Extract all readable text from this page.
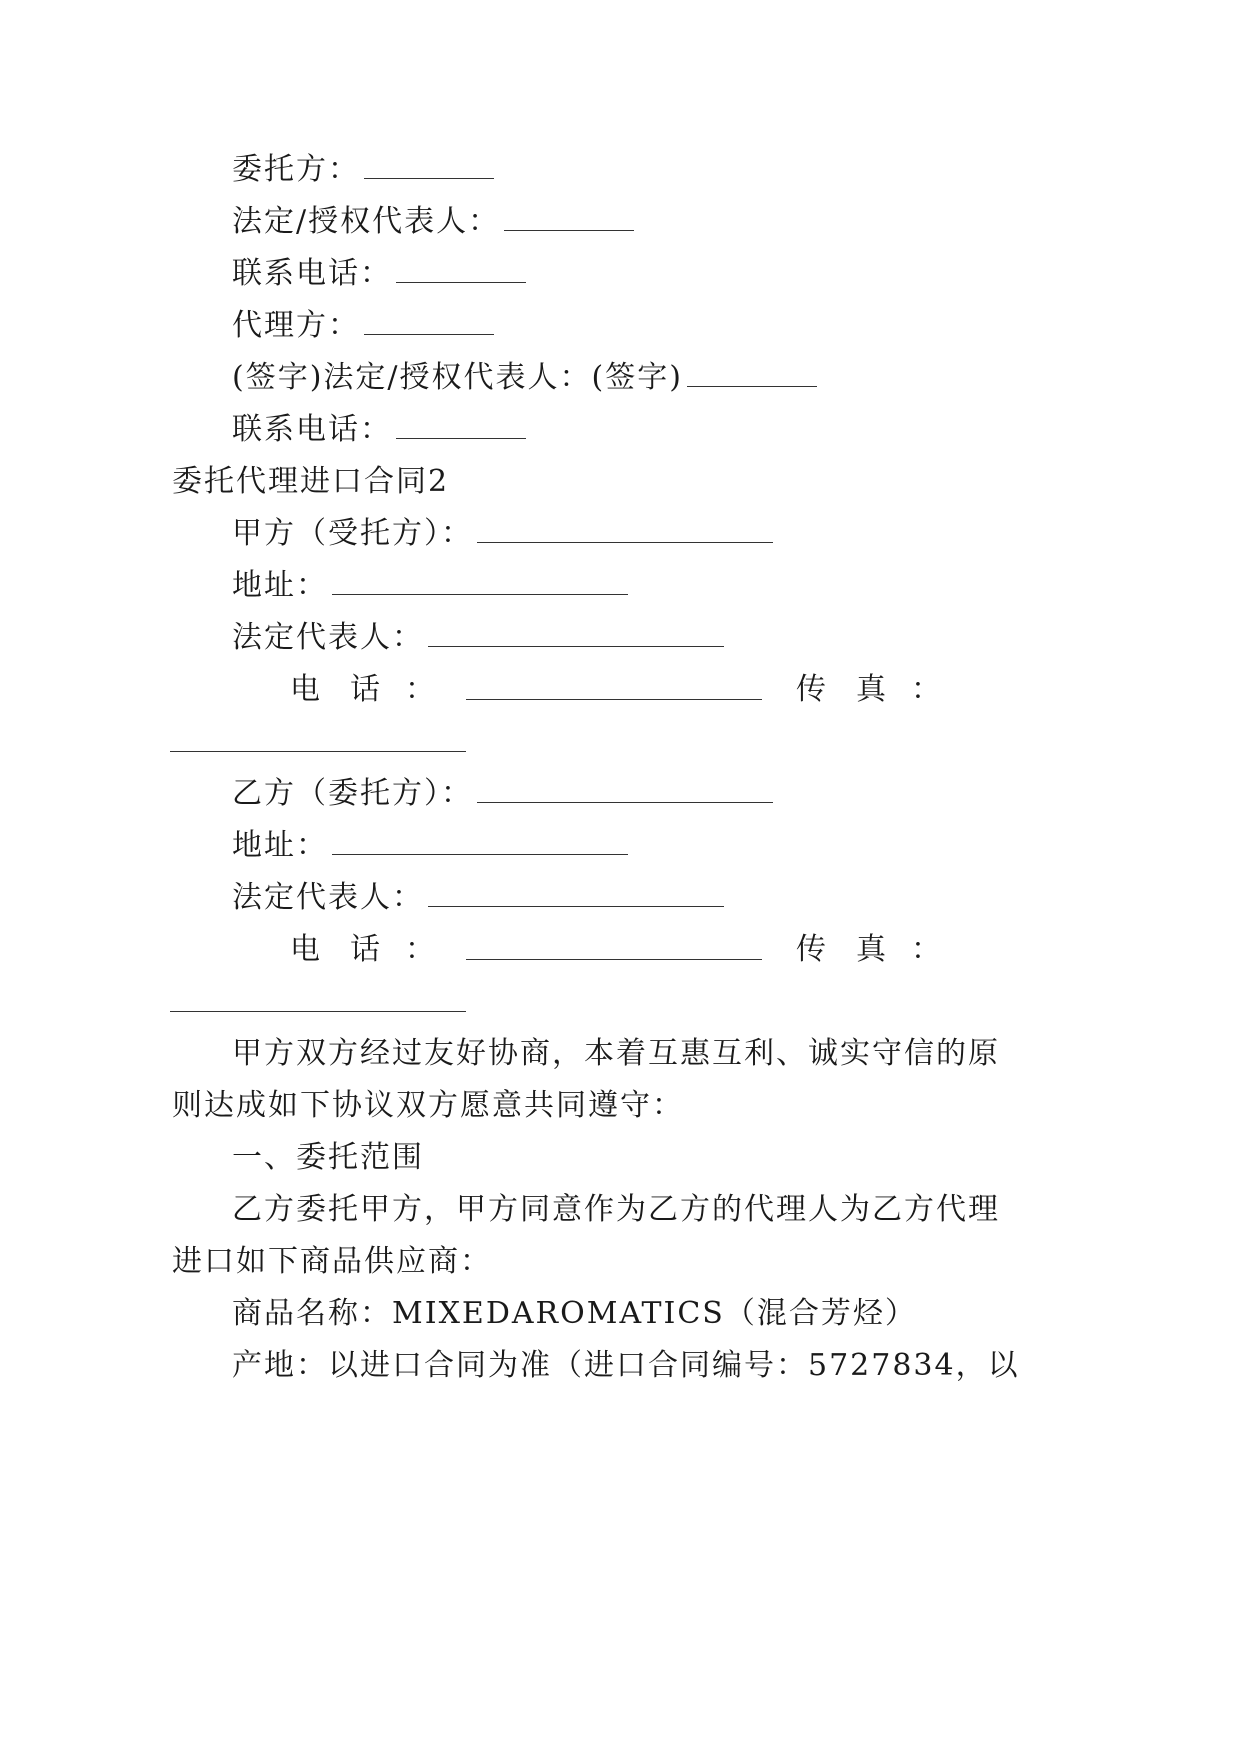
委托方：
法定/授权代表人：
联系电话：
代理方：
(签字)法定/授权代表人：(签字)
联系电话：
委托代理进口合同2
甲方（受托方）：
地址：
法定代表人：
电 话 ：	传 真 ：
乙方（委托方）：
地址：
法定代表人：
电 话 ：	传 真 ：
甲方双方经过友好协商，本着互惠互利、诚实守信的原
则达成如下协议双方愿意共同遵守：
一、委托范围
乙方委托甲方，甲方同意作为乙方的代理人为乙方代理
进口如下商品供应商：
商品名称：MIXEDAROMATICS（混合芳烃）
产地：以进口合同为准（进口合同编号：5727834，以
